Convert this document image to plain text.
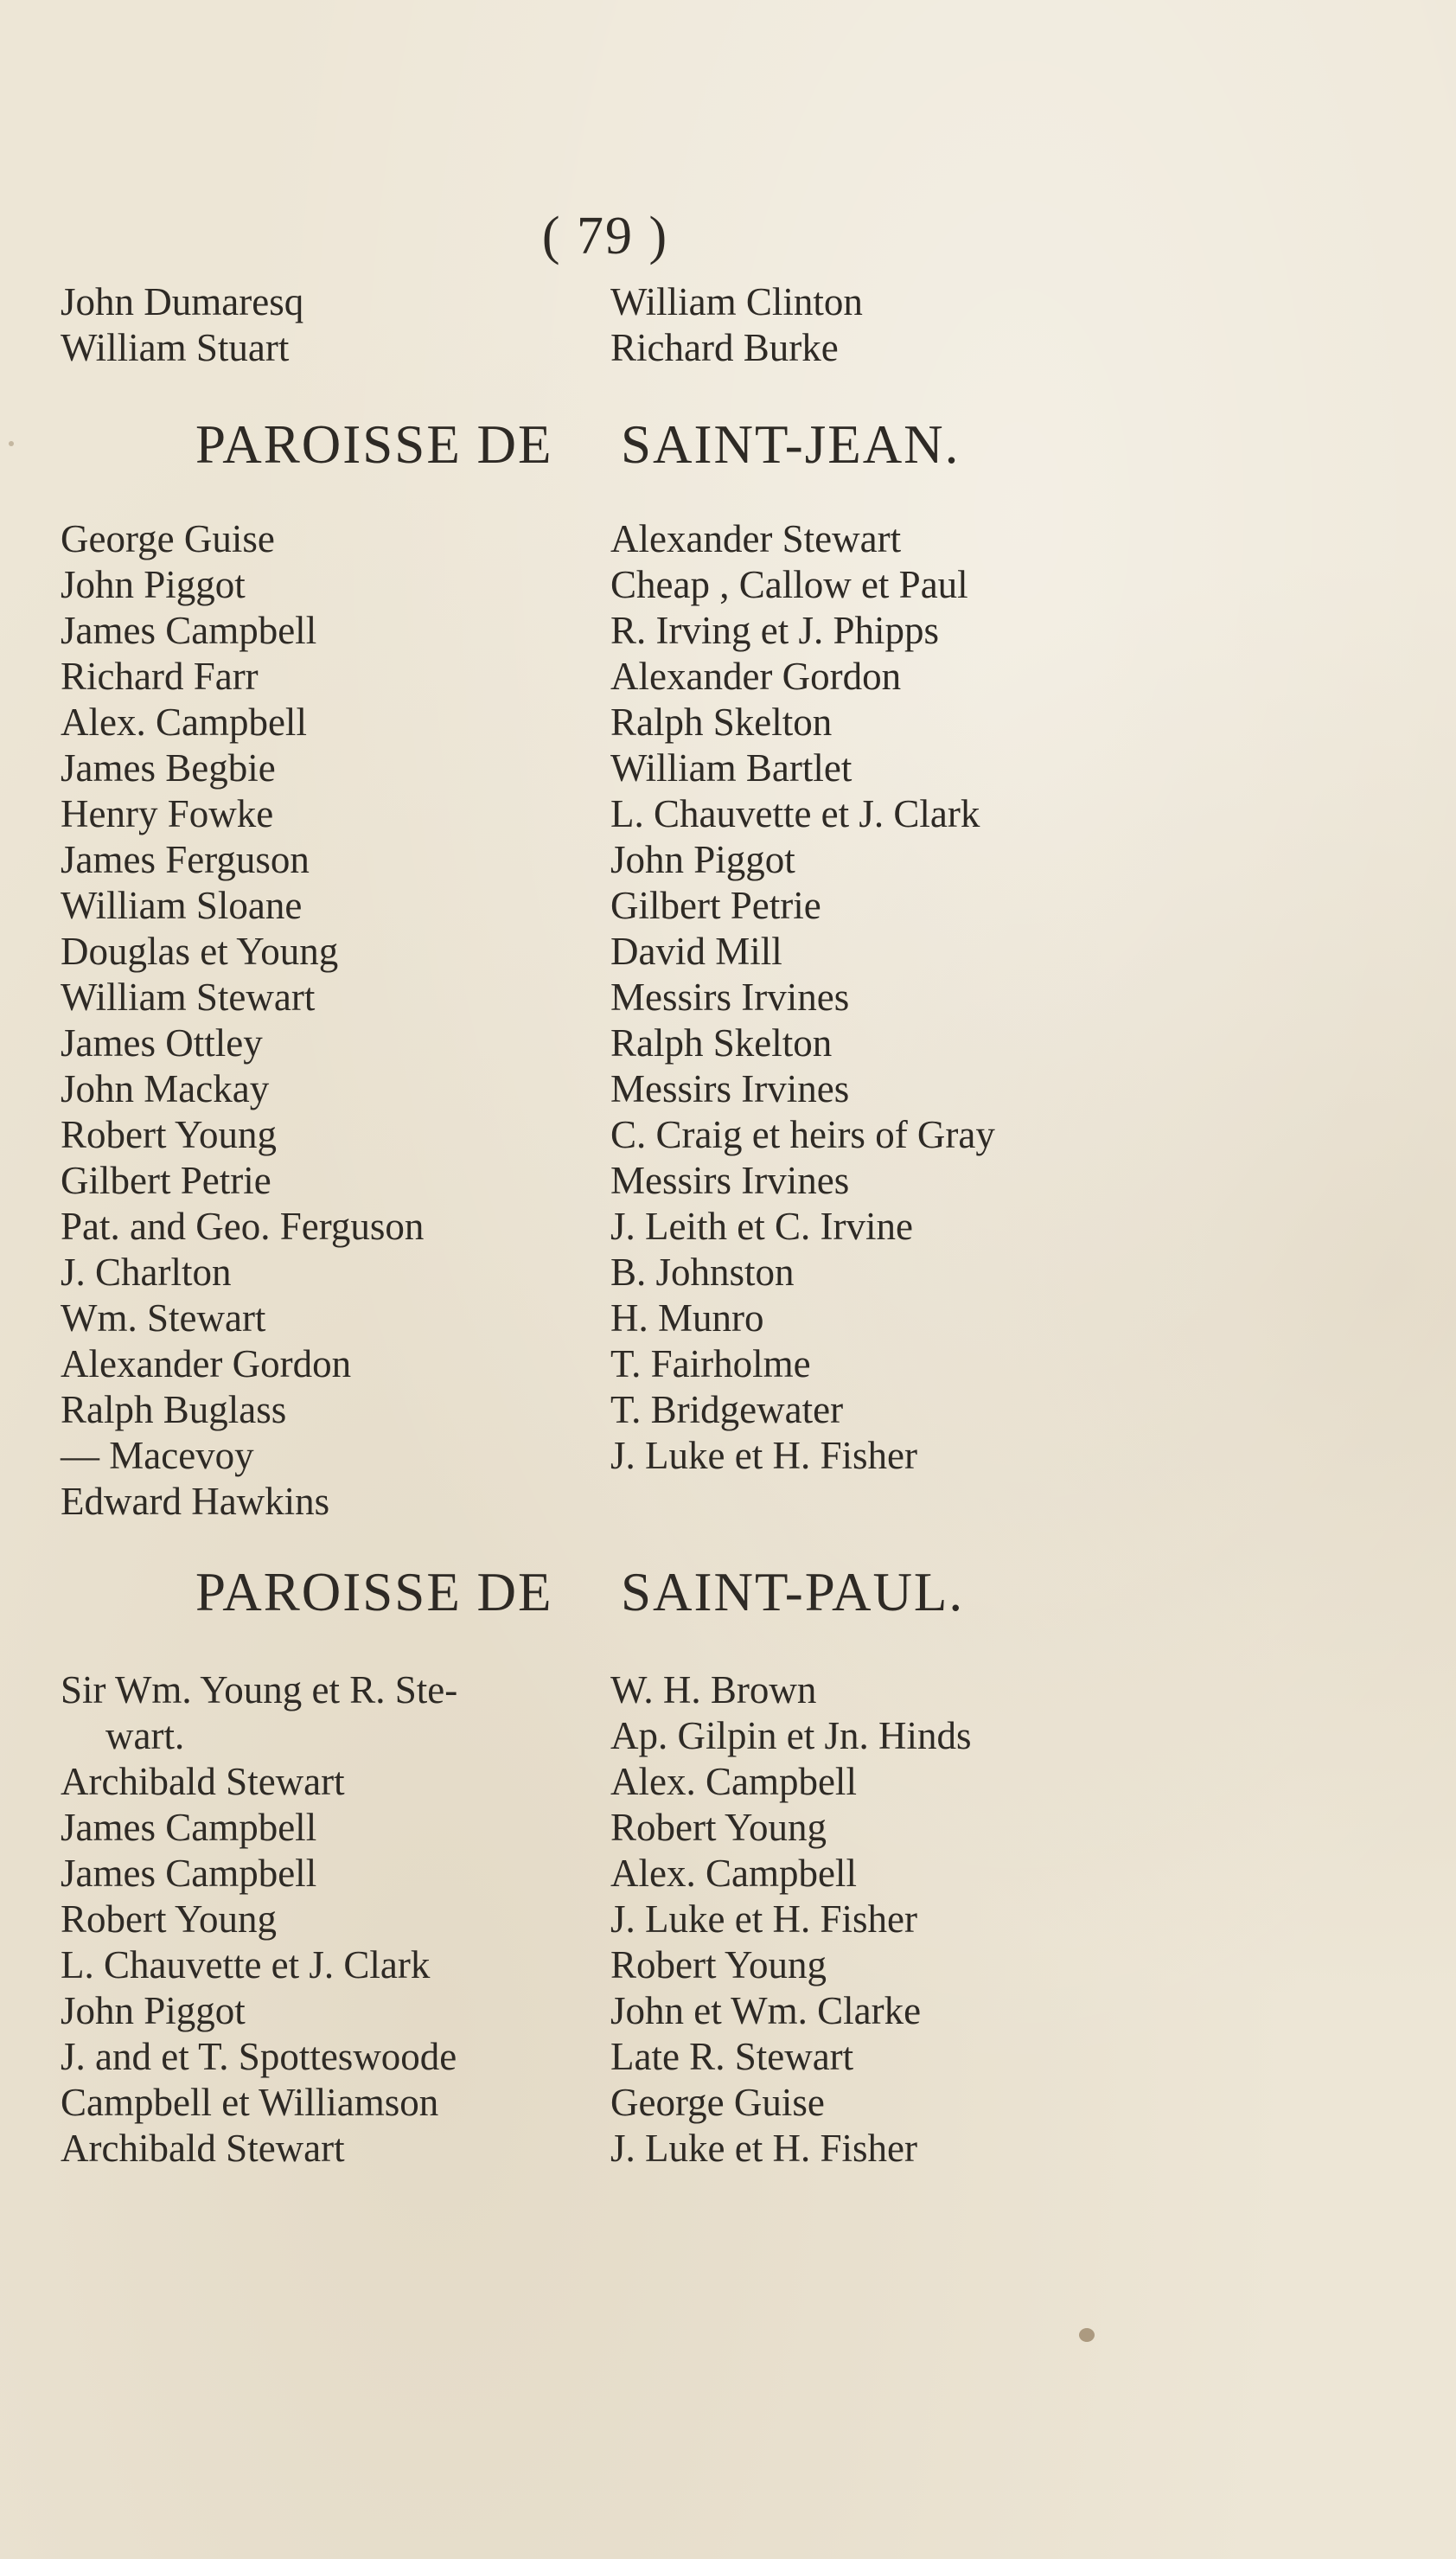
( 79 )
John Dumaresq
William Stuart
William Clinton
Richard Burke
PAROISSE DE SAINT-JEAN.
George Guise
John Piggot
James Campbell
Richard Farr
Alex. Campbell
James Begbie
Henry Fowke
James Ferguson
William Sloane
Douglas et Young
William Stewart
James Ottley
John Mackay
Robert Young
Gilbert Petrie
Pat. and Geo. Ferguson
J. Charlton
Wm. Stewart
Alexander Gordon
Ralph Buglass
— Macevoy
Edward Hawkins
Alexander Stewart
Cheap , Callow et Paul
R. Irving et J. Phipps
Alexander Gordon
Ralph Skelton
William Bartlet
L. Chauvette et J. Clark
John Piggot
Gilbert Petrie
David Mill
Messirs Irvines
Ralph Skelton
Messirs Irvines
C. Craig et heirs of Gray
Messirs Irvines
J. Leith et C. Irvine
B. Johnston
H. Munro
T. Fairholme
T. Bridgewater
J. Luke et H. Fisher
PAROISSE DE SAINT-PAUL.
Sir Wm. Young et R. Ste-
wart.
Archibald Stewart
James Campbell
James Campbell
Robert Young
L. Chauvette et J. Clark
John Piggot
J. and et T. Spotteswoode
Campbell et Williamson
Archibald Stewart
W. H. Brown
Ap. Gilpin et Jn. Hinds
Alex. Campbell
Robert Young
Alex. Campbell
J. Luke et H. Fisher
Robert Young
John et Wm. Clarke
Late R. Stewart
George Guise
J. Luke et H. Fisher
